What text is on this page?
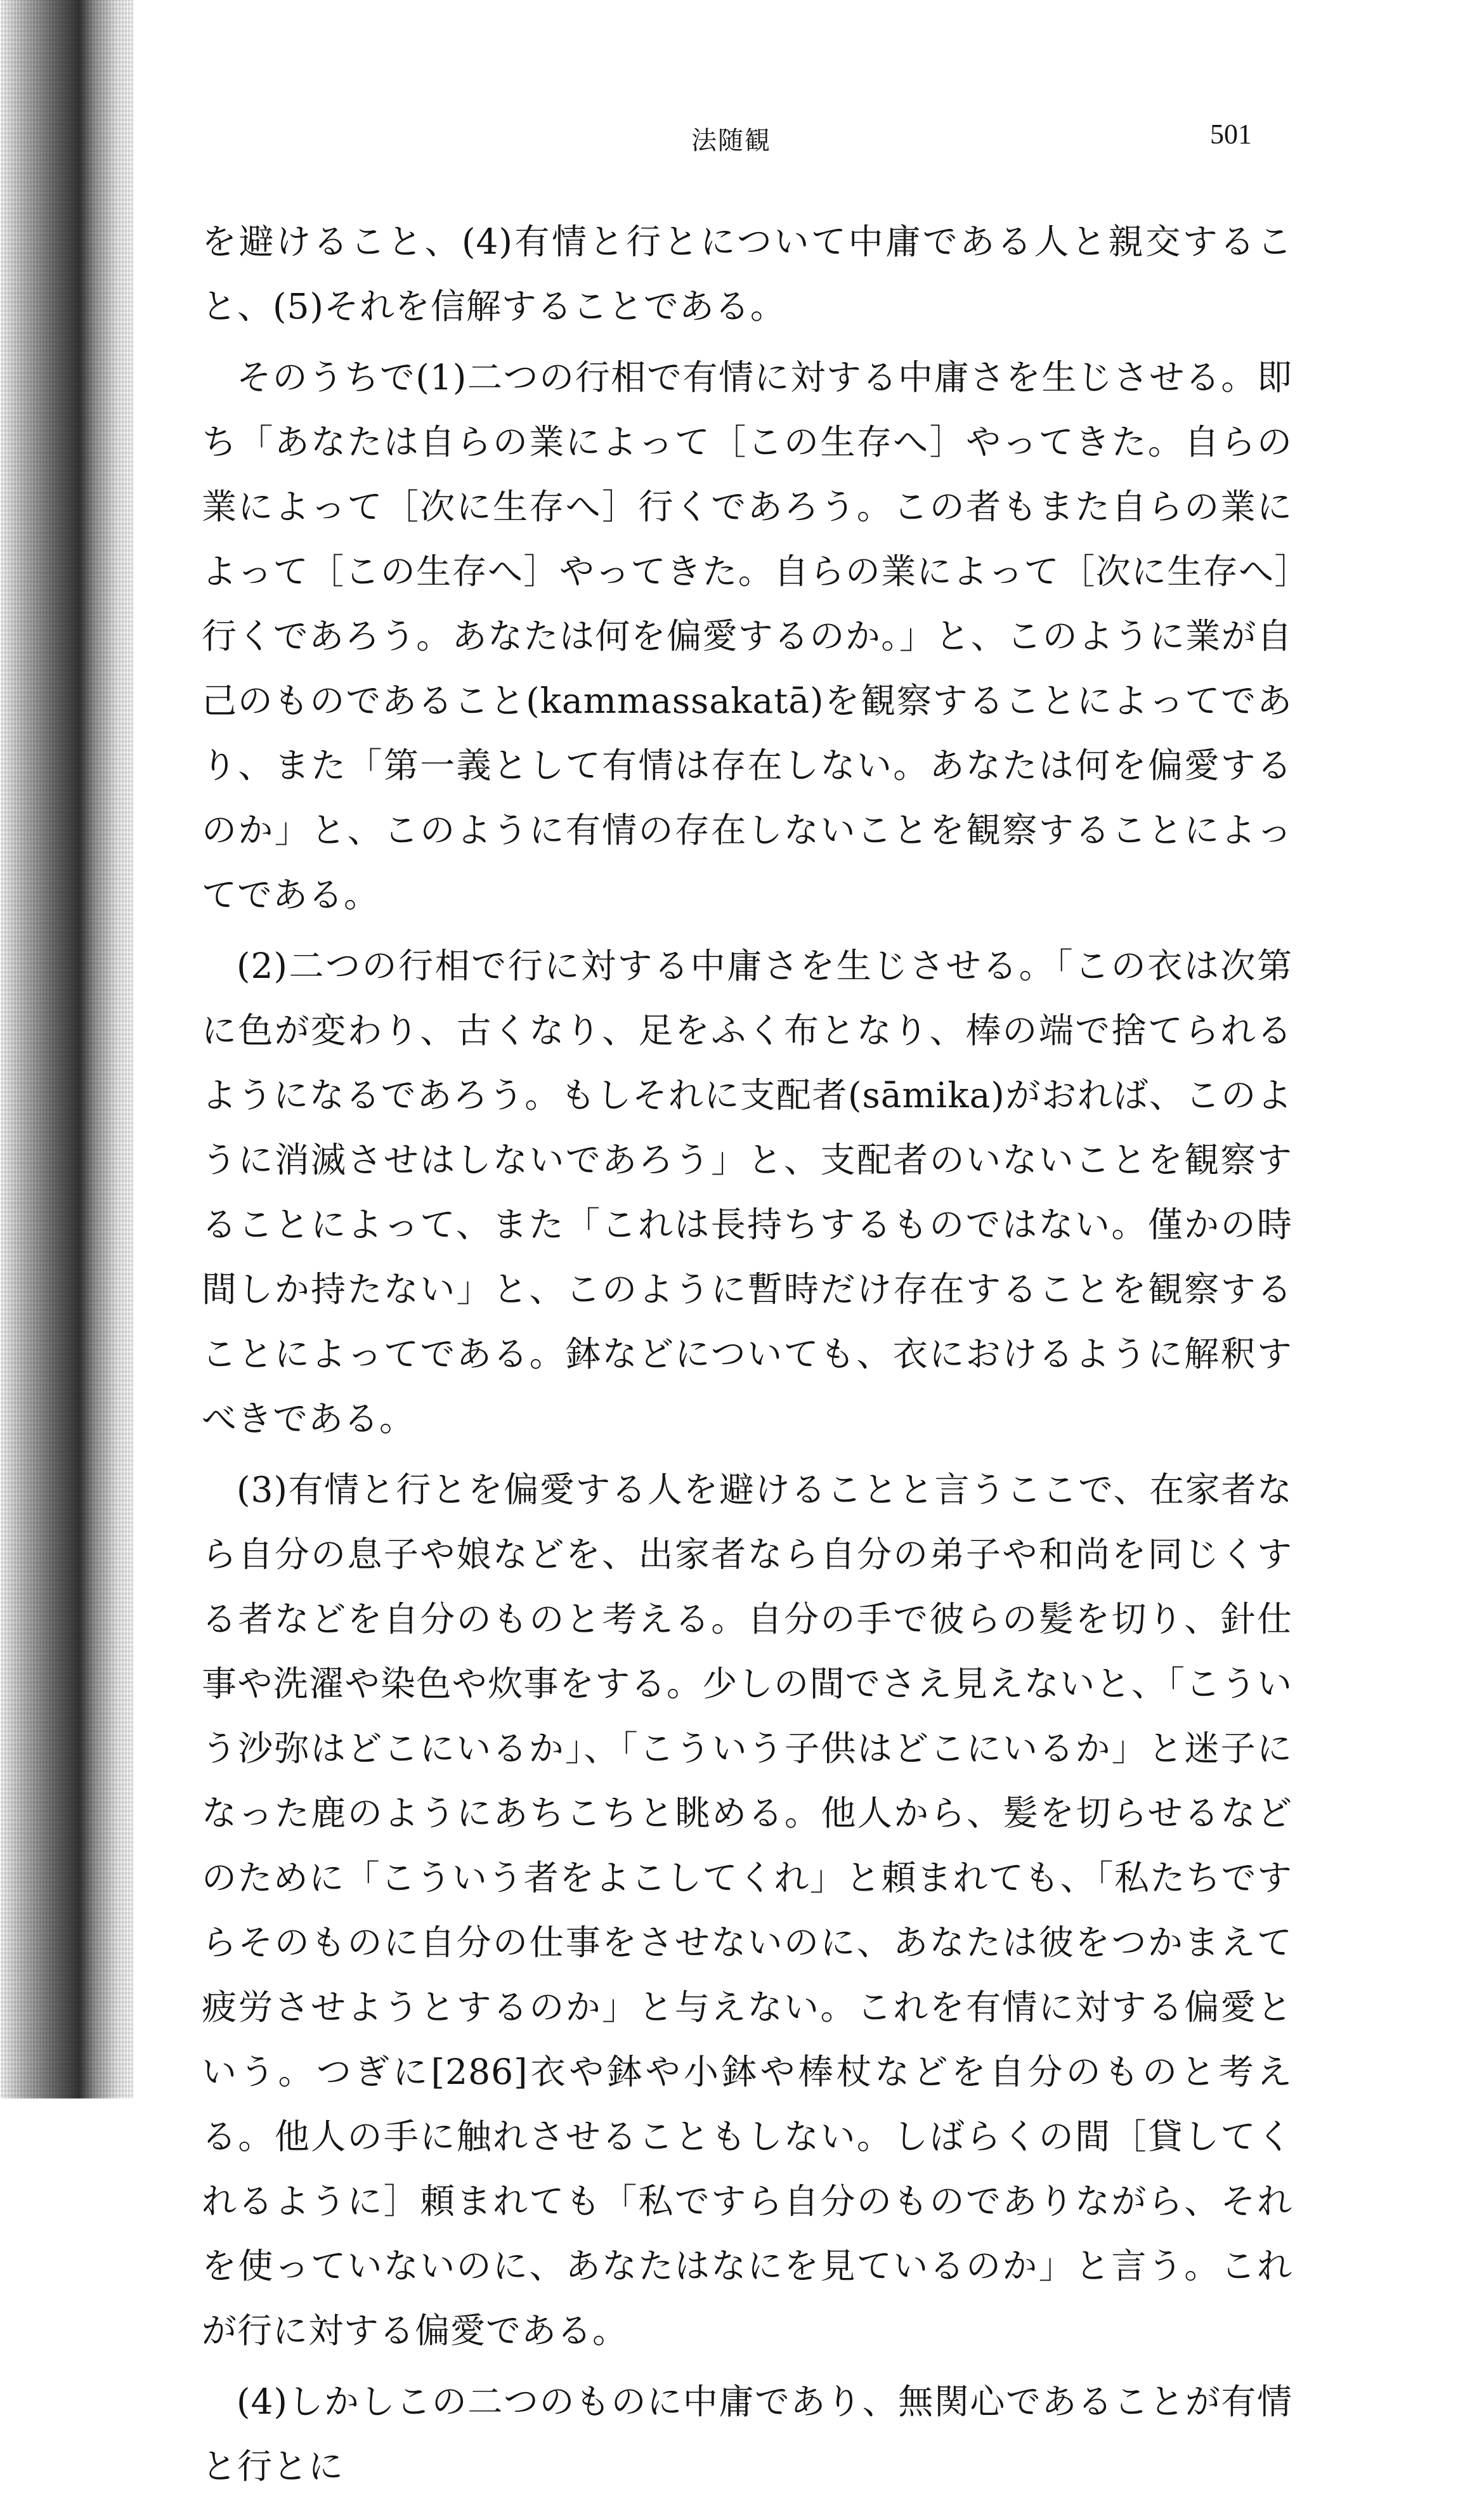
法随観	501

を避けること、(4)有情と行とについて中庸である人と親交すること、(5)それを信解することである。

そのうちで(1)二つの行相で有情に対する中庸さを生じさせる。即ち「あなたは自らの業によって［この生存へ］やってきた。自らの業によって［次に生存へ］行くであろう。この者もまた自らの業によって［この生存へ］やってきた。自らの業によって［次に生存へ］行くであろう。あなたは何を偏愛するのか。」と、このように業が自己のものであること(kammassakatā)を観察することによってであり、また「第一義として有情は存在しない。あなたは何を偏愛するのか」と、このように有情の存在しないことを観察することによってである。

(2)二つの行相で行に対する中庸さを生じさせる。「この衣は次第に色が変わり、古くなり、足をふく布となり、棒の端で捨てられるようになるであろう。もしそれに支配者(sāmika)がおれば、このように消滅させはしないであろう」と、支配者のいないことを観察することによって、また「これは長持ちするものではない。僅かの時間しか持たない」と、このように暫時だけ存在することを観察することによってである。鉢などについても、衣におけるように解釈すべきである。

(3)有情と行とを偏愛する人を避けることと言うここで、在家者なら自分の息子や娘などを、出家者なら自分の弟子や和尚を同じくする者などを自分のものと考える。自分の手で彼らの髪を切り、針仕事や洗濯や染色や炊事をする。少しの間でさえ見えないと、「こういう沙弥はどこにいるか」、「こういう子供はどこにいるか」と迷子になった鹿のようにあちこちと眺める。他人から、髪を切らせるなどのために「こういう者をよこしてくれ」と頼まれても、「私たちですらそのものに自分の仕事をさせないのに、あなたは彼をつかまえて疲労させようとするのか」と与えない。これを有情に対する偏愛という。つぎに[286]衣や鉢や小鉢や棒杖などを自分のものと考える。他人の手に触れさせることもしない。しばらくの間［貸してくれるように］頼まれても「私ですら自分のものでありながら、それを使っていないのに、あなたはなにを見ているのか」と言う。これが行に対する偏愛である。

(4)しかしこの二つのものに中庸であり、無関心であることが有情と行とに
